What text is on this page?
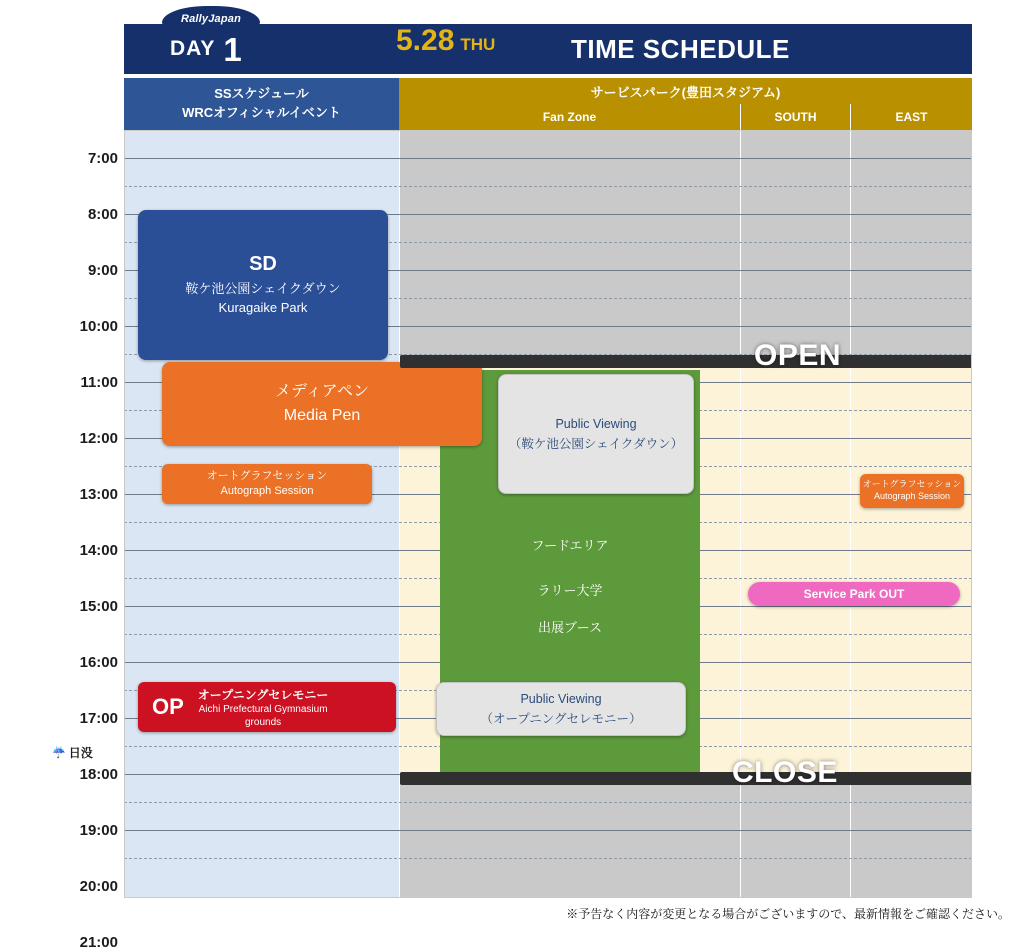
RallyJapan
DAY 1	5.28 THU	TIME SCHEDULE
SSスケジュール
WRCオフィシャルイベント
サービスパーク(豊田スタジアム)
Fan Zone	SOUTH	EAST
7:00
8:00
9:00
10:00
11:00
12:00
13:00
14:00
15:00
16:00
17:00
18:00
19:00
20:00
21:00
☔ 日没
フードエリア
ラリー大学
出展ブース
Public Viewing
（鞍ケ池公園シェイクダウン）
SD
鞍ケ池公園シェイクダウン
Kuragaike Park
メディアペン
Media Pen
オートグラフセッション
Autograph Session
オートグラフセッション
Autograph Session
Service Park OUT
OP オープニングセレモニー
Aichi Prefectural Gymnasium
grounds
Public Viewing
（オープニングセレモニー）
OPEN
CLOSE
※予告なく内容が変更となる場合がございますので、最新情報をご確認ください。
